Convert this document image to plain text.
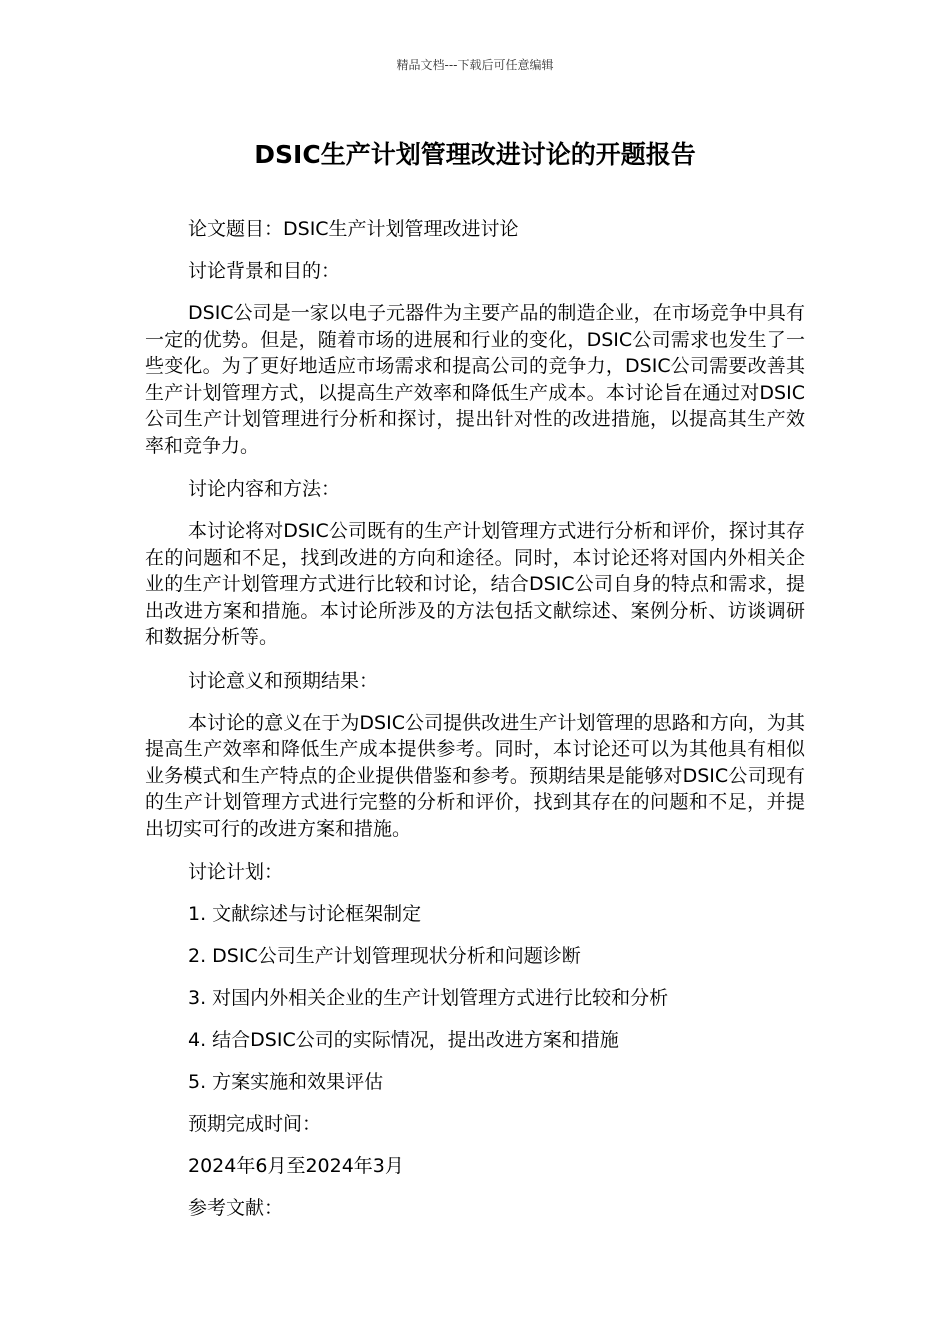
精品文档---下载后可任意编辑
DSIC生产计划管理改进讨论的开题报告

论文题目：DSIC生产计划管理改进讨论

讨论背景和目的：

DSIC公司是一家以电子元器件为主要产品的制造企业，在市场竞争中具有一定的优势。但是，随着市场的进展和行业的变化，DSIC公司需求也发生了一些变化。为了更好地适应市场需求和提高公司的竞争力，DSIC公司需要改善其生产计划管理方式，以提高生产效率和降低生产成本。本讨论旨在通过对DSIC公司生产计划管理进行分析和探讨，提出针对性的改进措施，以提高其生产效率和竞争力。

讨论内容和方法：

本讨论将对DSIC公司既有的生产计划管理方式进行分析和评价，探讨其存在的问题和不足，找到改进的方向和途径。同时，本讨论还将对国内外相关企业的生产计划管理方式进行比较和讨论，结合DSIC公司自身的特点和需求，提出改进方案和措施。本讨论所涉及的方法包括文献综述、案例分析、访谈调研和数据分析等。

讨论意义和预期结果：

本讨论的意义在于为DSIC公司提供改进生产计划管理的思路和方向，为其提高生产效率和降低生产成本提供参考。同时，本讨论还可以为其他具有相似业务模式和生产特点的企业提供借鉴和参考。预期结果是能够对DSIC公司现有的生产计划管理方式进行完整的分析和评价，找到其存在的问题和不足，并提出切实可行的改进方案和措施。

讨论计划：

1. 文献综述与讨论框架制定

2. DSIC公司生产计划管理现状分析和问题诊断

3. 对国内外相关企业的生产计划管理方式进行比较和分析

4. 结合DSIC公司的实际情况，提出改进方案和措施

5. 方案实施和效果评估

预期完成时间：

2024年6月至2024年3月

参考文献：
